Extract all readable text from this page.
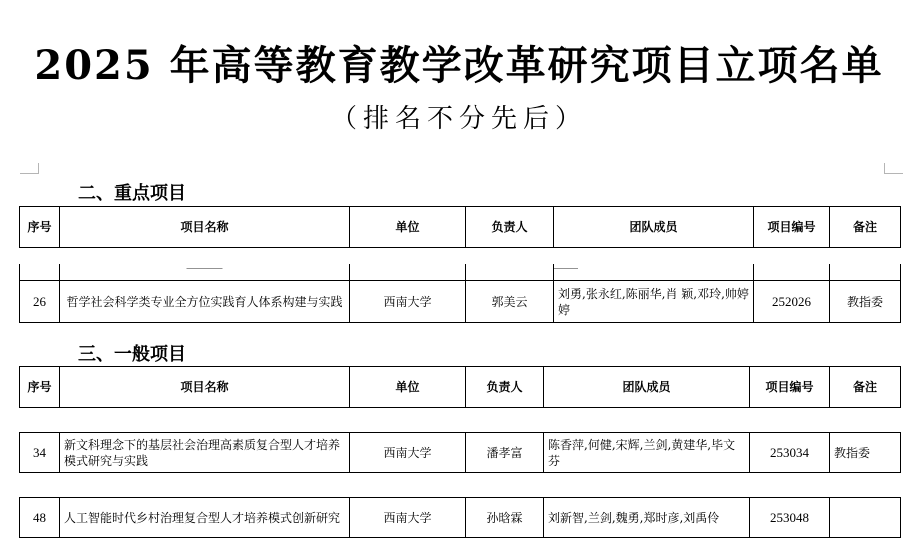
2025 年高等教育教学改革研究项目立项名单
（排名不分先后）
二、重点项目
序号	项目名称	单位	负责人	团队成员	项目编号	备注

	______			____		

26	哲学社会科学类专业全方位实践育人体系构建与实践	西南大学	郭美云	刘勇,张永红,陈丽华,肖 颖,邓玲,帅婷婷	252026	教指委
三、一般项目
序号	项目名称	单位	负责人	团队成员	项目编号	备注

34	新文科理念下的基层社会治理高素质复合型人才培养模式研究与实践	西南大学	潘孝富	陈香萍,何健,宋辉,兰剑,黄建华,毕文芬	253034	教指委

48	人工智能时代乡村治理复合型人才培养模式创新研究	西南大学	孙晗霖	刘新智,兰剑,魏勇,郑时彦,刘禹伶	253048	
